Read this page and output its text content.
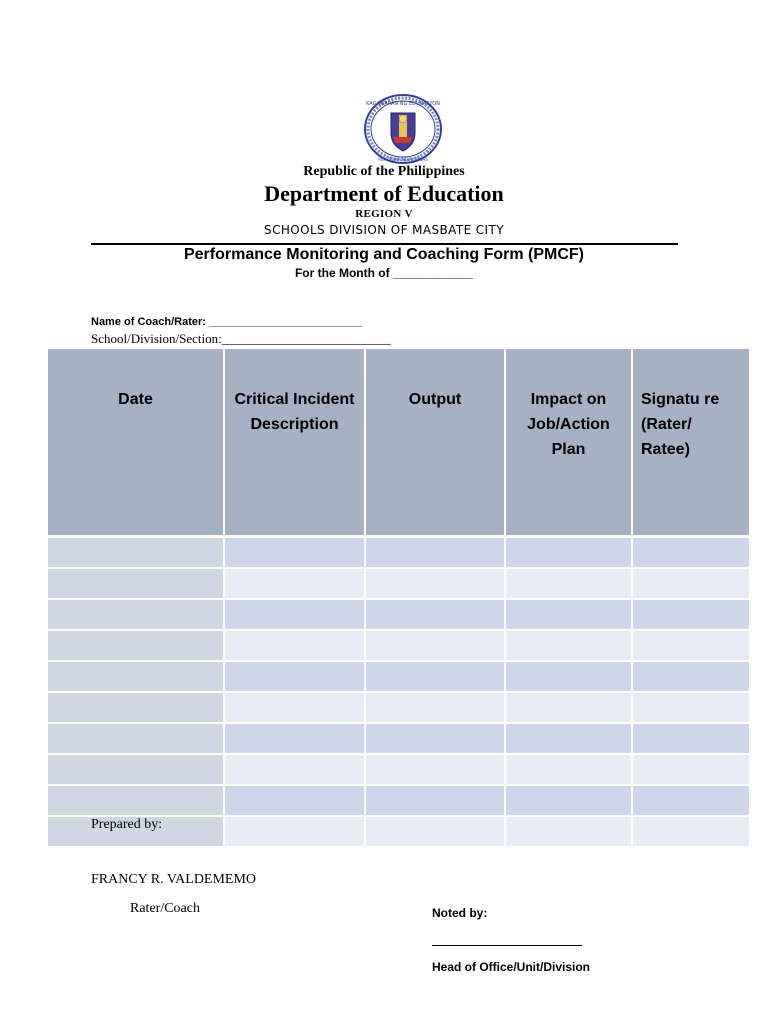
KAGAWARAN NG EDUKASYON
REPUBLIKA NG PILIPINAS
Republic of the Philippines
Department of Education
REGION V
SCHOOLS DIVISION OF MASBATE CITY
Performance Monitoring and Coaching Form (PMCF)
For the Month of ____________
Name of Coach/Rater: _________________________
School/Division/Section:__________________________
Date	Critical Incident Description	Output	Impact on Job/Action Plan	Signatu re (Rater/ Ratee)

Prepared by:
FRANCY R. VALDEMEMO
Rater/Coach	Noted by:
Head of Office/Unit/Division
